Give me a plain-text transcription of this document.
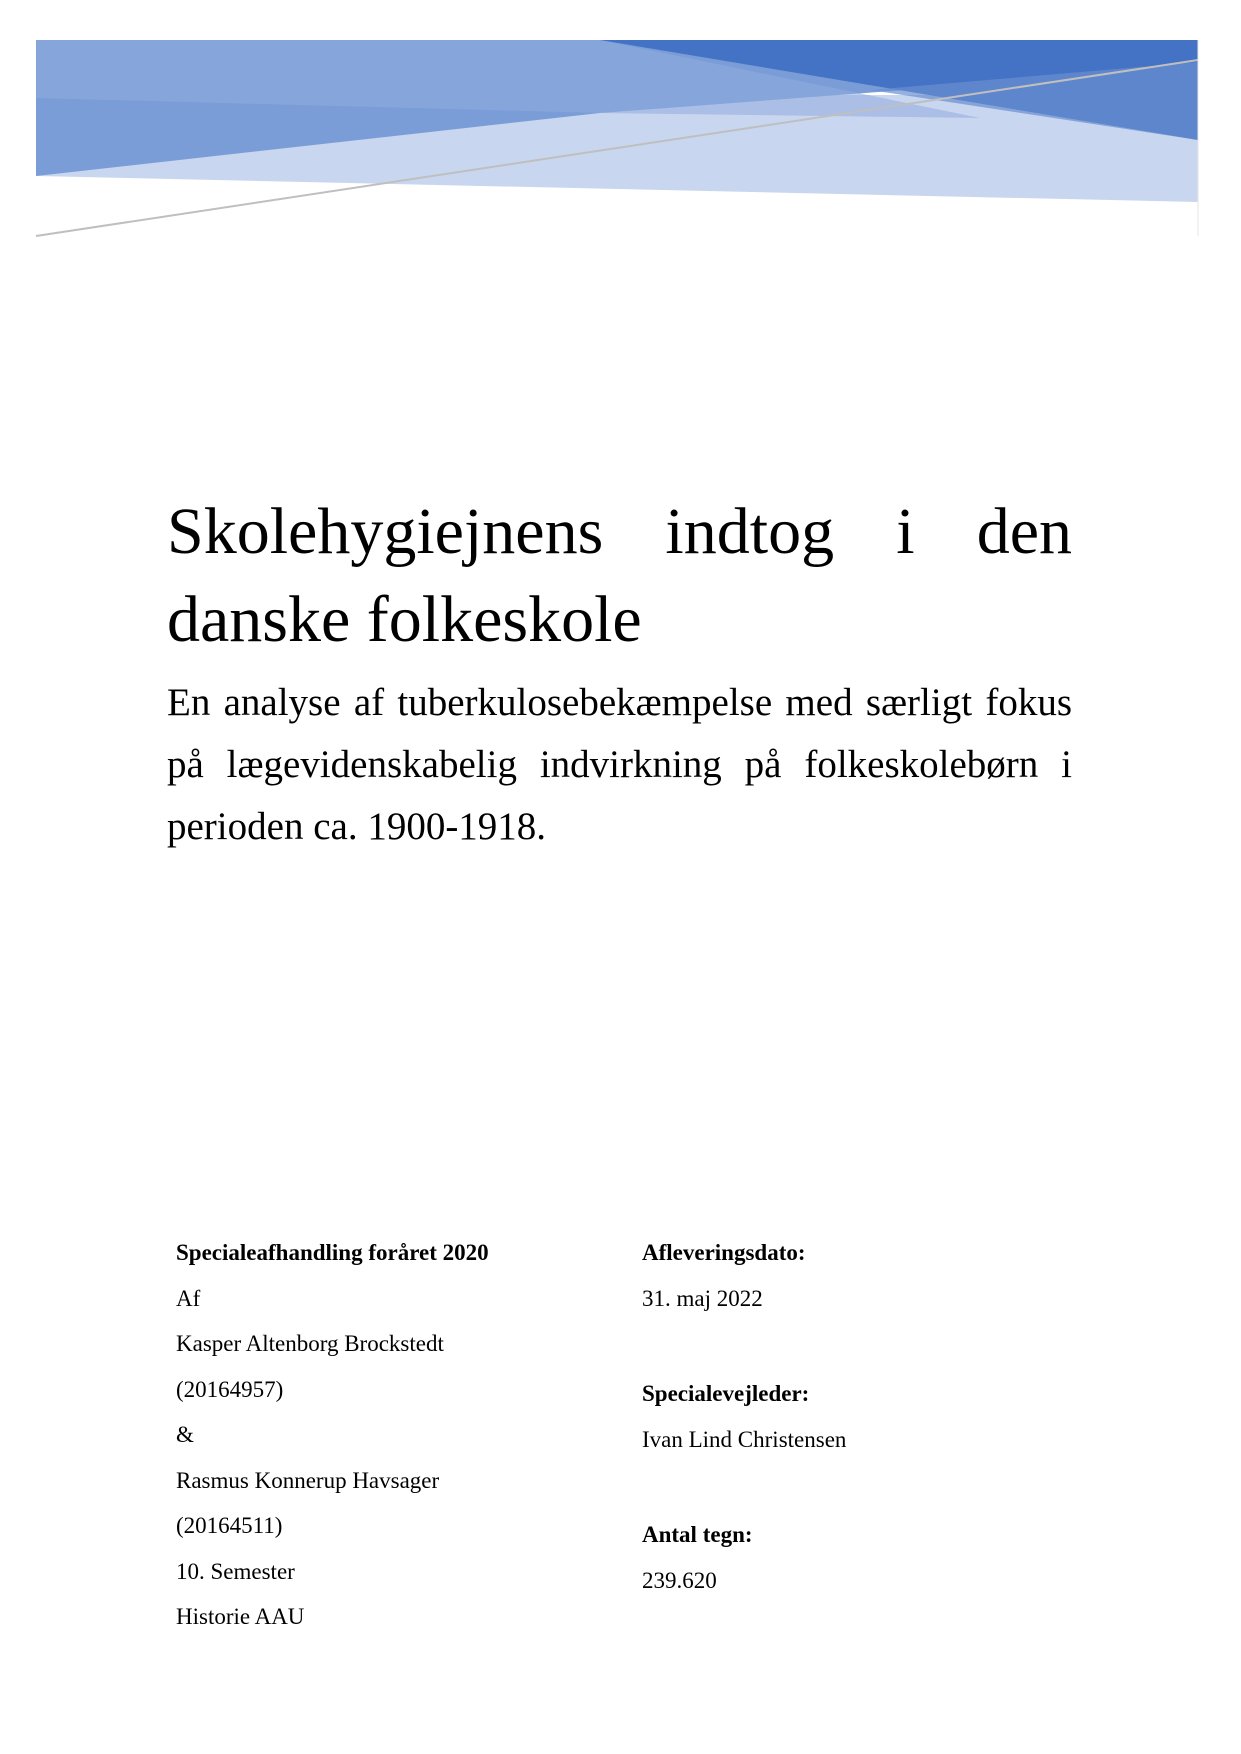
Skolehygiejnens indtog i den danske folkeskole

En analyse af tuberkulosebekæmpelse med særligt fokus på lægevidenskabelig indvirkning på folkeskolebørn i perioden ca. 1900-1918.

Specialeafhandling foråret 2020
Af
Kasper Altenborg Brockstedt
(20164957)
&
Rasmus Konnerup Havsager
(20164511)
10. Semester
Historie AAU
Afleveringsdato:
31. maj 2022
Specialevejleder:
Ivan Lind Christensen
Antal tegn:
239.620
